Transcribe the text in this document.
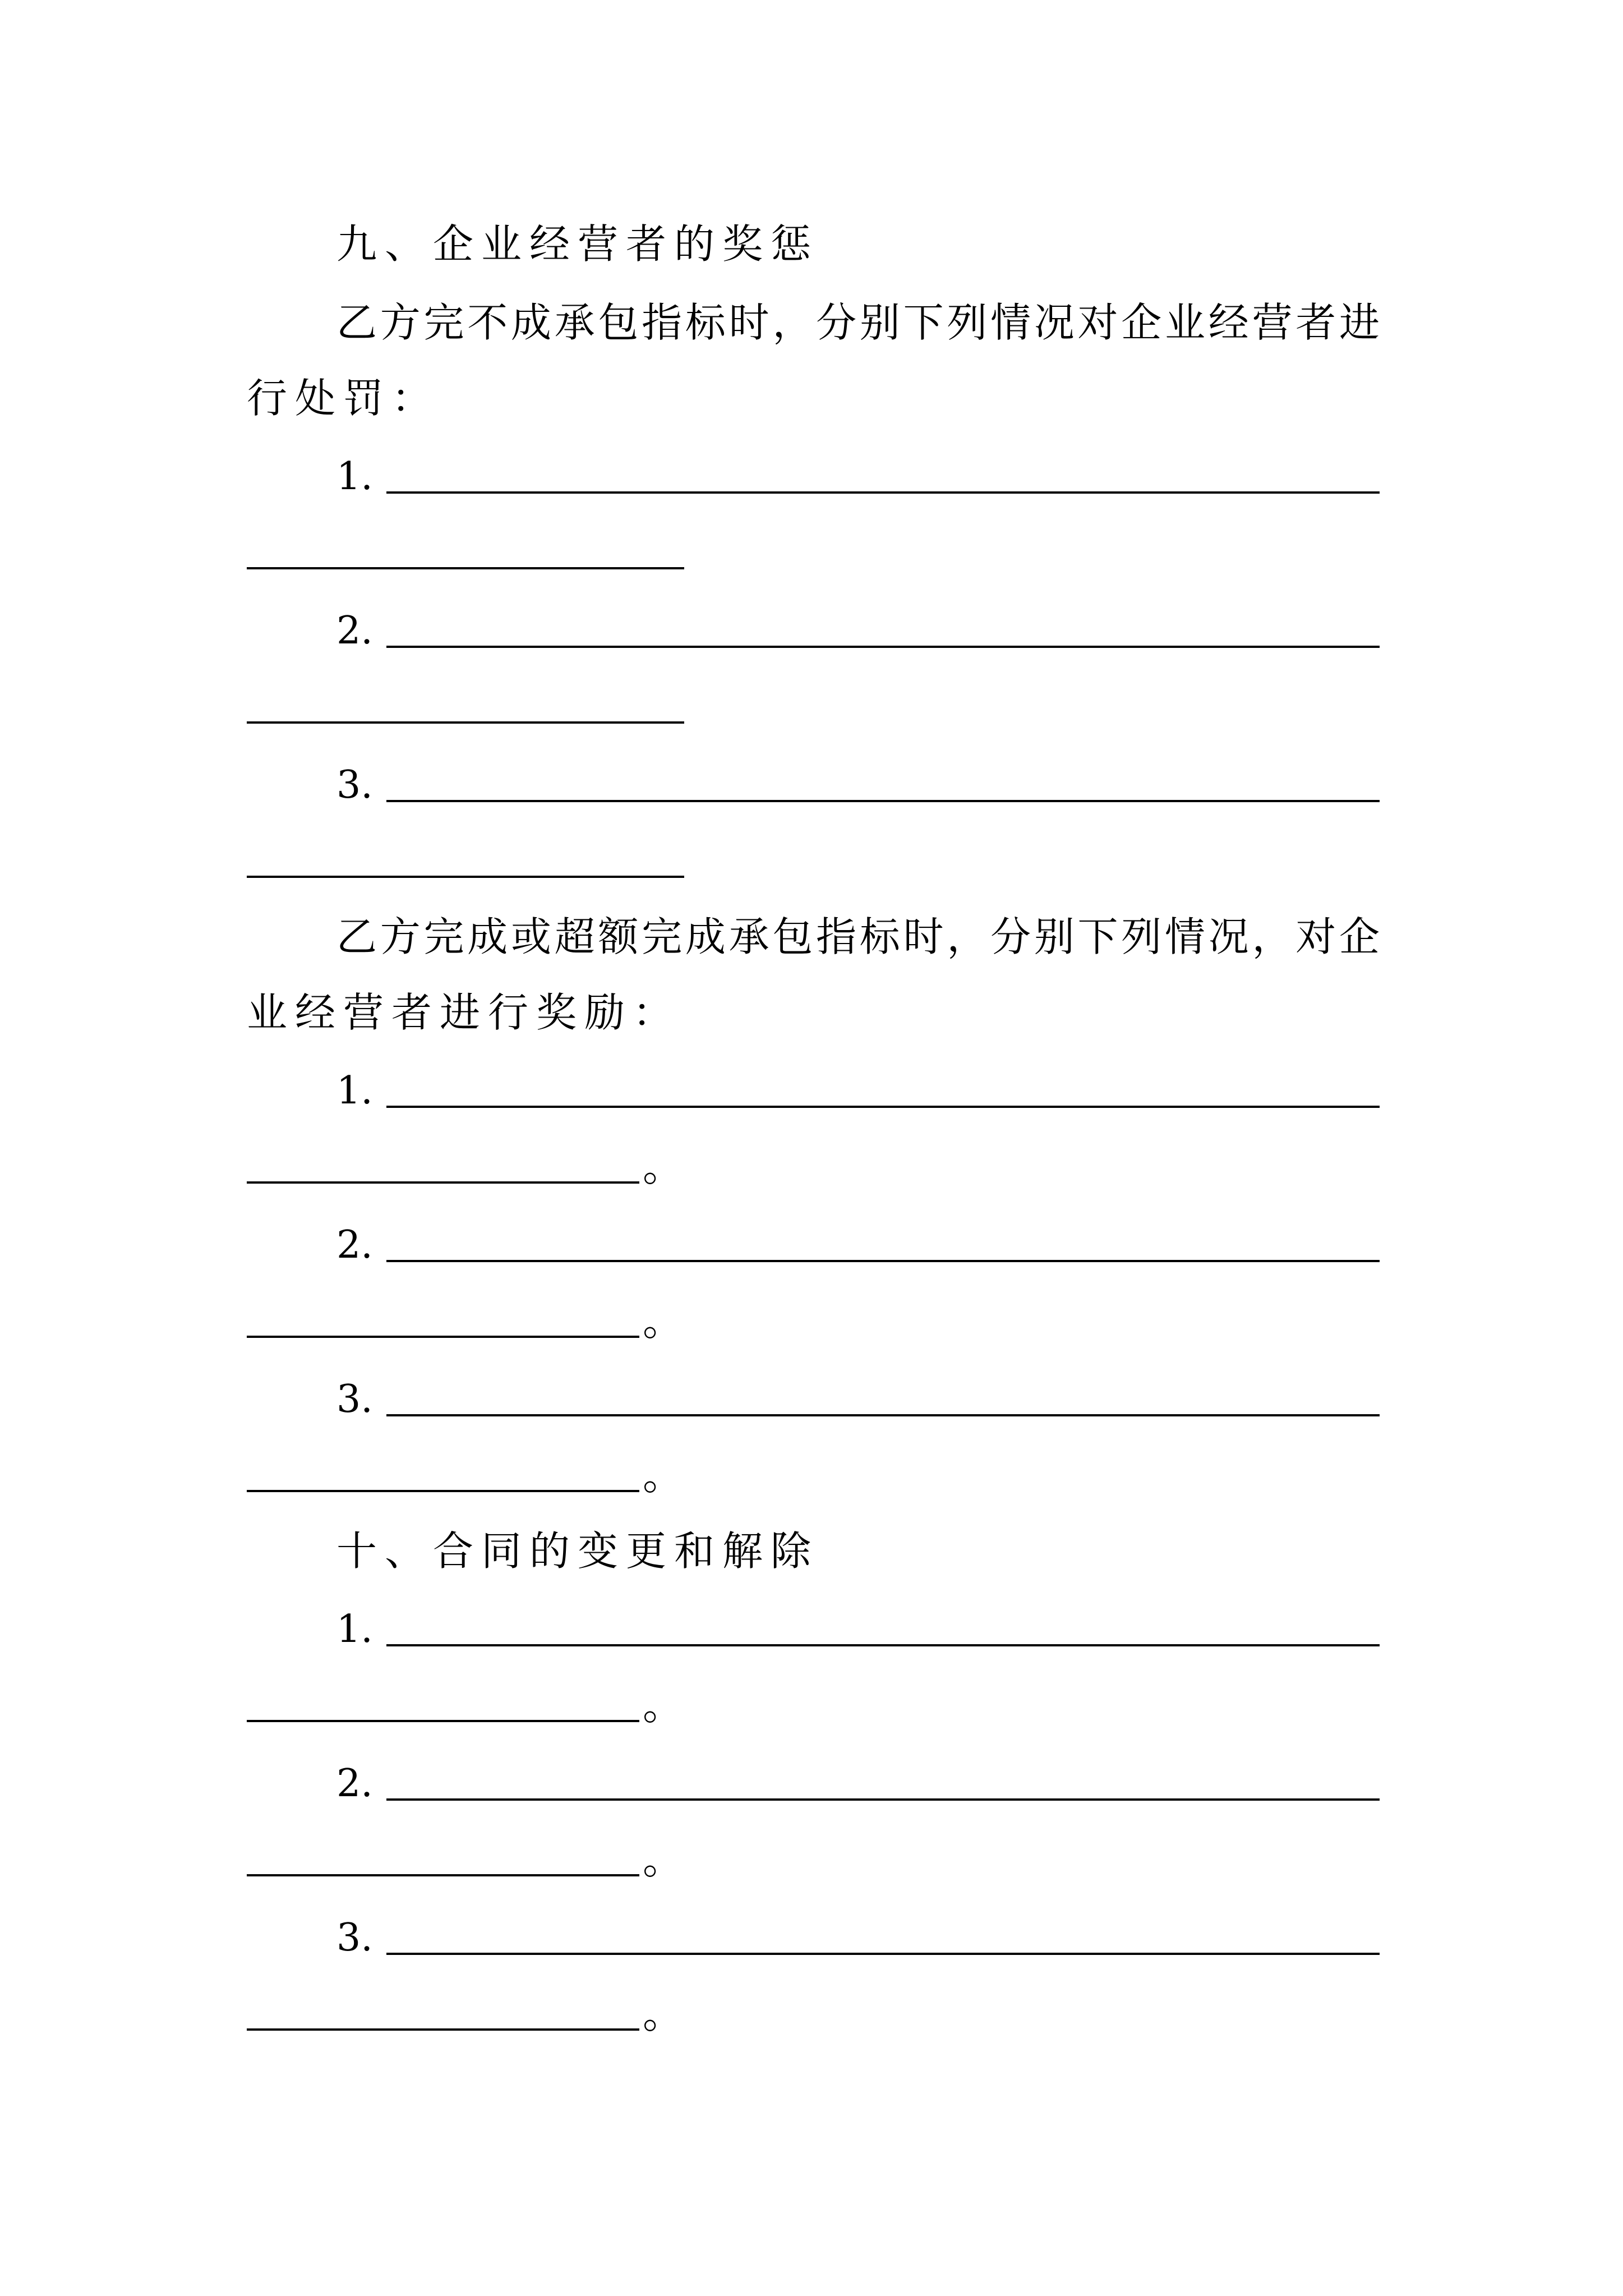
九、企业经营者的奖惩
乙方完不成承包指标时，分别下列情况对企业经营者进
行处罚：
1.
2.
3.
乙方完成或超额完成承包指标时，分别下列情况，对企
业经营者进行奖励：
1.
。
2.
。
3.
。
十、合同的变更和解除
1.
。
2.
。
3.
。
